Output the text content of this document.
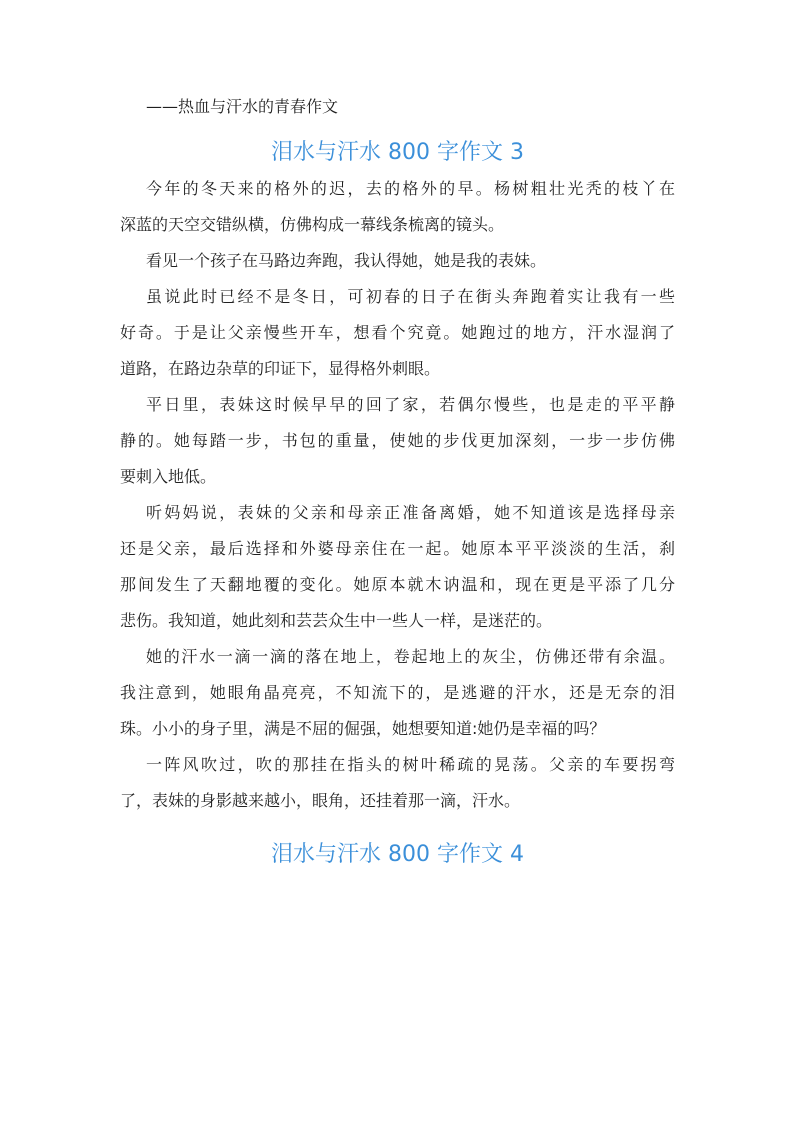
——热血与汗水的青春作文
泪水与汗水 800 字作文 3
今年的冬天来的格外的迟，去的格外的早。杨树粗壮光秃的枝丫在
深蓝的天空交错纵横，仿佛构成一幕线条梳离的镜头。
看见一个孩子在马路边奔跑，我认得她，她是我的表妹。
虽说此时已经不是冬日，可初春的日子在街头奔跑着实让我有一些
好奇。于是让父亲慢些开车，想看个究竟。她跑过的地方，汗水湿润了
道路，在路边杂草的印证下，显得格外刺眼。
平日里，表妹这时候早早的回了家，若偶尔慢些，也是走的平平静
静的。她每踏一步，书包的重量，使她的步伐更加深刻，一步一步仿佛
要刺入地低。
听妈妈说，表妹的父亲和母亲正准备离婚，她不知道该是选择母亲
还是父亲，最后选择和外婆母亲住在一起。她原本平平淡淡的生活，刹
那间发生了天翻地覆的变化。她原本就木讷温和，现在更是平添了几分
悲伤。我知道，她此刻和芸芸众生中一些人一样，是迷茫的。
她的汗水一滴一滴的落在地上，卷起地上的灰尘，仿佛还带有余温。
我注意到，她眼角晶亮亮，不知流下的，是逃避的汗水，还是无奈的泪
珠。小小的身子里，满是不屈的倔强，她想要知道:她仍是幸福的吗？
一阵风吹过，吹的那挂在指头的树叶稀疏的晃荡。父亲的车要拐弯
了，表妹的身影越来越小，眼角，还挂着那一滴，汗水。
泪水与汗水 800 字作文 4
